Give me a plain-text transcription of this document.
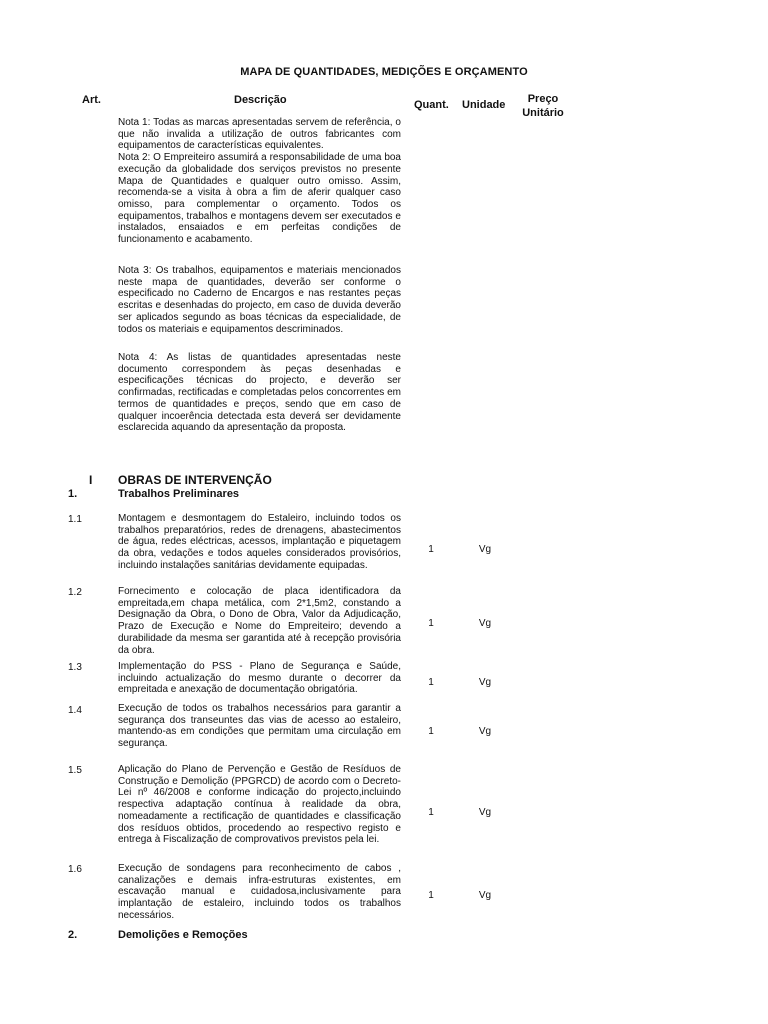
MAPA DE QUANTIDADES, MEDIÇÕES E ORÇAMENTO
Art.	Descrição	Quant. Unidade	Preço
Unitário
Nota 1: Todas as marcas apresentadas servem de referência, o que não invalida a utilização de outros fabricantes com equipamentos de características equivalentes.
Nota 2: O Empreiteiro assumirá a responsabilidade de uma boa execução da globalidade dos serviços previstos no presente Mapa de Quantidades e qualquer outro omisso. Assim, recomenda-se a visita à obra a fim de aferir qualquer caso omisso, para complementar o orçamento. Todos os equipamentos, trabalhos e montagens devem ser executados e instalados, ensaiados e em perfeitas condições de funcionamento e acabamento.
Nota 3: Os trabalhos, equipamentos e materiais mencionados neste mapa de quantidades, deverão ser conforme o especificado no Caderno de Encargos e nas restantes peças escritas e desenhadas do projecto, em caso de duvida deverão ser aplicados segundo as boas técnicas da especialidade, de todos os materiais e equipamentos descriminados.
Nota 4: As listas de quantidades apresentadas neste documento correspondem às peças desenhadas e especificações técnicas do projecto, e deverão ser confirmadas, rectificadas e completadas pelos concorrentes em termos de quantidades e preços, sendo que em caso de qualquer incoerência detectada esta deverá ser devidamente esclarecida aquando da apresentação da proposta.
I OBRAS DE INTERVENÇÃO
1.	Trabalhos Preliminares
1.1	Montagem e desmontagem do Estaleiro, incluindo todos os trabalhos preparatórios, redes de drenagens, abastecimentos de água, redes eléctricas, acessos, implantação e piquetagem da obra, vedações e todos aqueles considerados provisórios, incluindo instalações sanitárias devidamente equipadas.
1	Vg
1.2	Fornecimento e colocação de placa identificadora da empreitada,em chapa metálica, com 2*1,5m2, constando a Designação da Obra, o Dono de Obra, Valor da Adjudicação, Prazo de Execução e Nome do Empreiteiro; devendo a durabilidade da mesma ser garantida até à recepção provisória da obra.
1	Vg
1.3	Implementação do PSS - Plano de Segurança e Saúde, incluindo actualização do mesmo durante o decorrer da empreitada e anexação de documentação obrigatória.
1	Vg
1.4	Execução de todos os trabalhos necessários para garantir a segurança dos transeuntes das vias de acesso ao estaleiro, mantendo-as em condições que permitam uma circulação em segurança.
1	Vg
1.5	Aplicação do Plano de Pervenção e Gestão de Resíduos de Construção e Demolição (PPGRCD) de acordo com o Decreto-Lei nº 46/2008 e conforme indicação do projecto,incluindo respectiva adaptação contínua à realidade da obra, nomeadamente a rectificação de quantidades e classificação dos resíduos obtidos, procedendo ao respectivo registo e entrega à Fiscalização de comprovativos previstos pela lei.
1	Vg
1.6	Execução de sondagens para reconhecimento de cabos , canalizações e demais infra-estruturas existentes, em escavação manual e cuidadosa,inclusivamente para implantação de estaleiro, incluindo todos os trabalhos necessários.
1	Vg
2.	Demolições e Remoções
